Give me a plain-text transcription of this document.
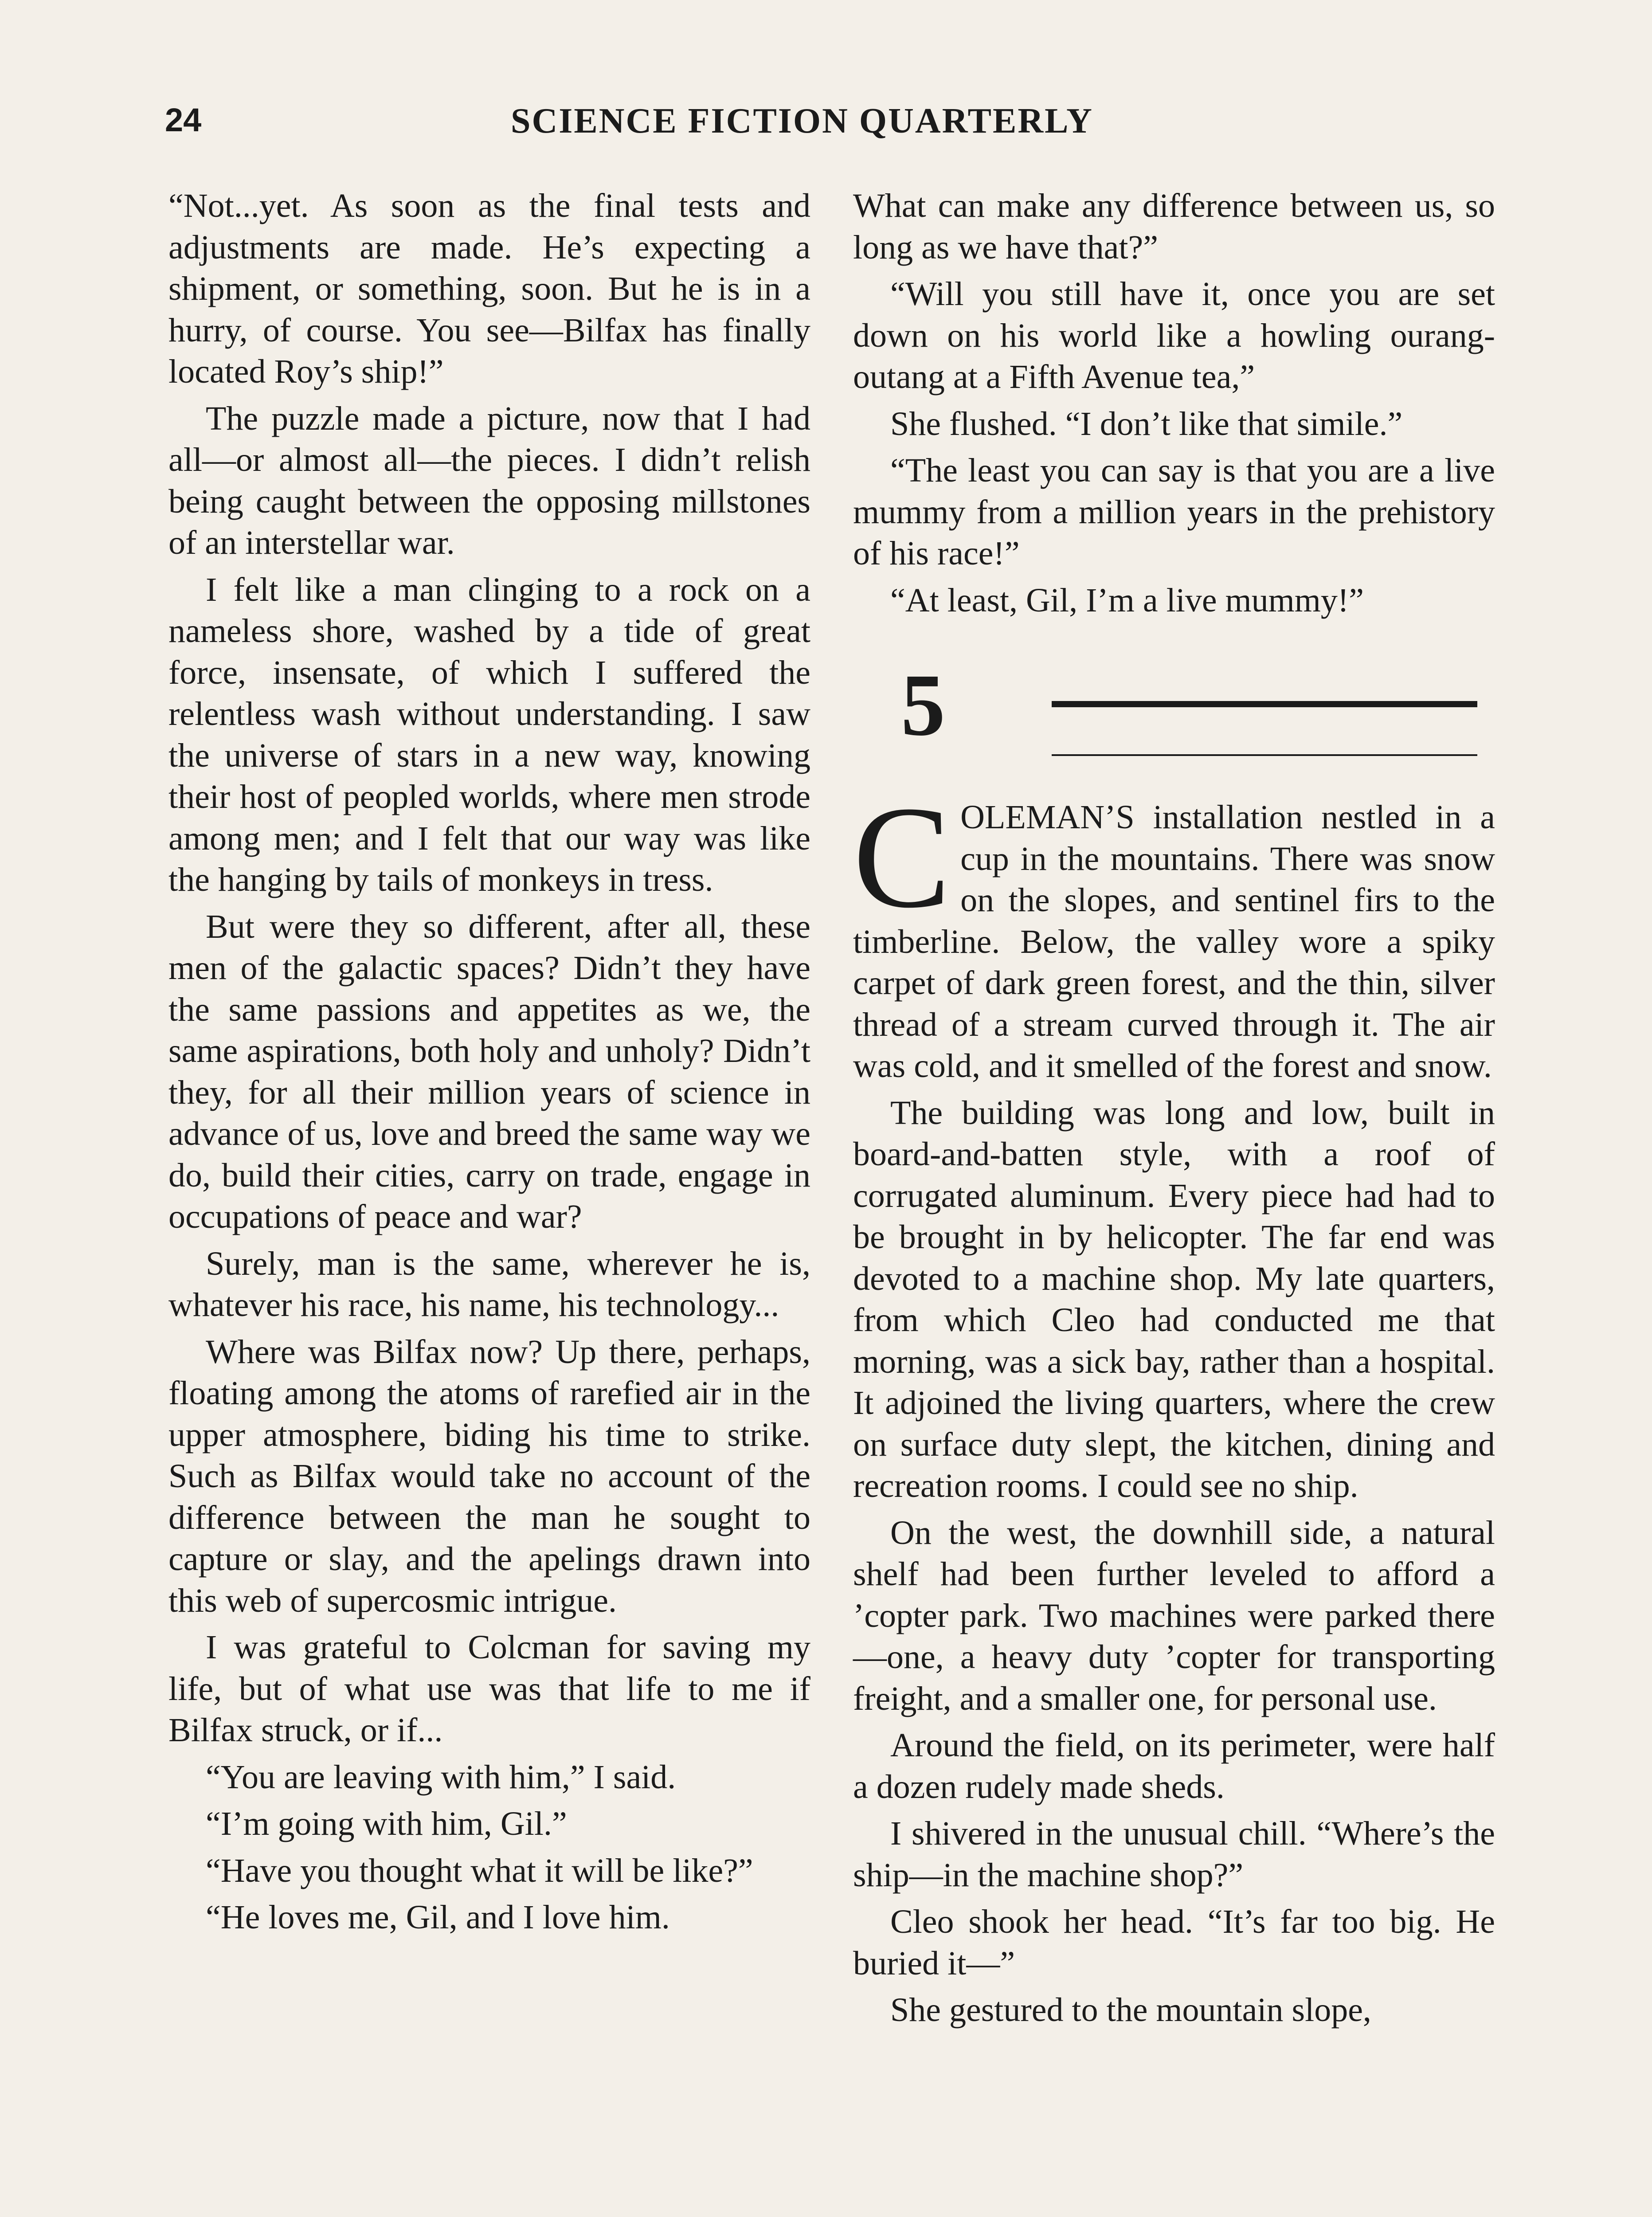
24	SCIENCE FICTION QUARTERLY

“Not...yet. As soon as the final tests and adjustments are made. He’s expecting a shipment, or something, soon. But he is in a hurry, of course. You see—Bilfax has finally located Roy’s ship!”

The puzzle made a picture, now that I had all—or almost all—the pieces. I didn’t relish being caught between the opposing millstones of an interstellar war.

I felt like a man clinging to a rock on a nameless shore, washed by a tide of great force, insensate, of which I suffered the relentless wash without understanding. I saw the universe of stars in a new way, knowing their host of peopled worlds, where men strode among men; and I felt that our way was like the hanging by tails of monkeys in tress.

But were they so different, after all, these men of the galactic spaces? Didn’t they have the same passions and appetites as we, the same aspirations, both holy and unholy? Didn’t they, for all their million years of science in advance of us, love and breed the same way we do, build their cities, carry on trade, engage in occupations of peace and war?

Surely, man is the same, wherever he is, whatever his race, his name, his technology...

Where was Bilfax now? Up there, perhaps, floating among the atoms of rarefied air in the upper atmosphere, biding his time to strike. Such as Bilfax would take no account of the difference between the man he sought to capture or slay, and the apelings drawn into this web of supercosmic intrigue.

I was grateful to Colcman for saving my life, but of what use was that life to me if Bilfax struck, or if...

“You are leaving with him,” I said.

“I’m going with him, Gil.”

“Have you thought what it will be like?”

“He loves me, Gil, and I love him.

What can make any difference between us, so long as we have that?”

“Will you still have it, once you are set down on his world like a howling ourang-outang at a Fifth Avenue tea,”

She flushed. “I don’t like that simile.”

“The least you can say is that you are a live mummy from a million years in the prehistory of his race!”

“At least, Gil, I’m a live mummy!”

5

COLEMAN’S installation nestled in a cup in the mountains. There was snow on the slopes, and sentinel firs to the timberline. Below, the valley wore a spiky carpet of dark green forest, and the thin, silver thread of a stream curved through it. The air was cold, and it smelled of the forest and snow.

The building was long and low, built in board-and-batten style, with a roof of corrugated aluminum. Every piece had had to be brought in by helicopter. The far end was devoted to a machine shop. My late quarters, from which Cleo had conducted me that morning, was a sick bay, rather than a hospital. It adjoined the living quarters, where the crew on surface duty slept, the kitchen, dining and recreation rooms. I could see no ship.

On the west, the downhill side, a natural shelf had been further leveled to afford a ’copter park. Two machines were parked there—one, a heavy duty ’copter for transporting freight, and a smaller one, for personal use.

Around the field, on its perimeter, were half a dozen rudely made sheds.

I shivered in the unusual chill. “Where’s the ship—in the machine shop?”

Cleo shook her head. “It’s far too big. He buried it—”

She gestured to the mountain slope,
